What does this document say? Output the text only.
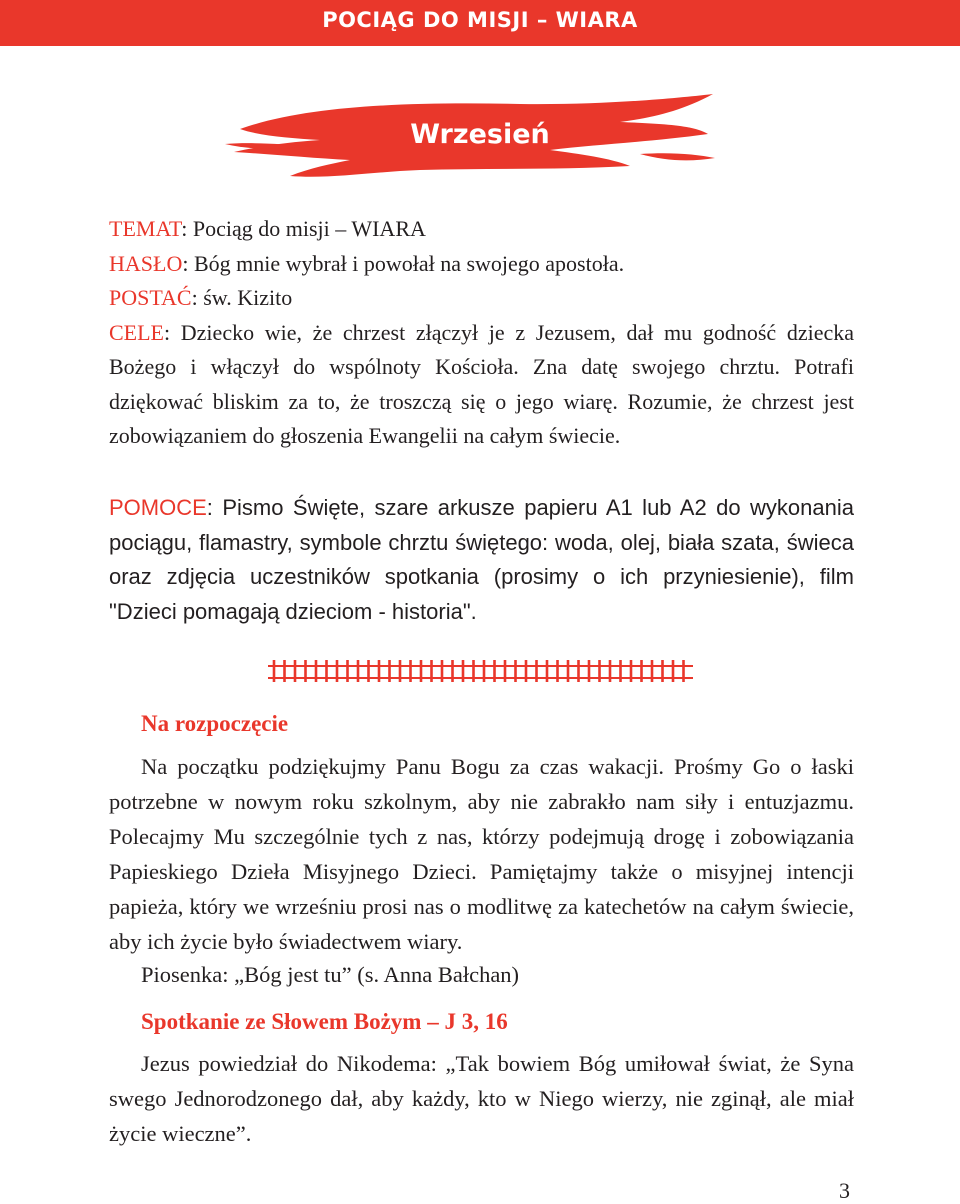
POCIĄG DO MISJI – WIARA
Wrzesień

TEMAT: Pociąg do misji – WIARA

HASŁO: Bóg mnie wybrał i powołał na swojego apostoła.

POSTAĆ: św. Kizito

CELE: Dziecko wie, że chrzest złączył je z Jezusem, dał mu godność dziecka Bożego i włączył do wspólnoty Kościoła. Zna datę swojego chrztu. Potrafi dziękować bliskim za to, że troszczą się o jego wiarę. Rozumie, że chrzest jest zobowiązaniem do głoszenia Ewangelii na całym świecie.

POMOCE: Pismo Święte, szare arkusze papieru A1 lub A2 do wykonania pociągu, flamastry, symbole chrztu świętego: woda, olej, biała szata, świeca oraz zdjęcia uczestników spotkania (prosimy o ich przyniesienie), film "Dzieci pomagają dzieciom - historia".

Na rozpoczęcie

Na początku podziękujmy Panu Bogu za czas wakacji. Prośmy Go o łaski potrzebne w nowym roku szkolnym, aby nie zabrakło nam siły i entuzjazmu. Polecajmy Mu szczególnie tych z nas, którzy podejmują drogę i zobowiązania Papieskiego Dzieła Misyjnego Dzieci. Pamiętajmy także o misyjnej intencji papieża, który we wrześniu prosi nas o modlitwę za katechetów na całym świecie, aby ich życie było świadectwem wiary.

Piosenka: „Bóg jest tu” (s. Anna Bałchan)

Spotkanie ze Słowem Bożym – J 3, 16

Jezus powiedział do Nikodema: „Tak bowiem Bóg umiłował świat, że Syna swego Jednorodzonego dał, aby każdy, kto w Niego wierzy, nie zginął, ale miał życie wieczne”.

3
